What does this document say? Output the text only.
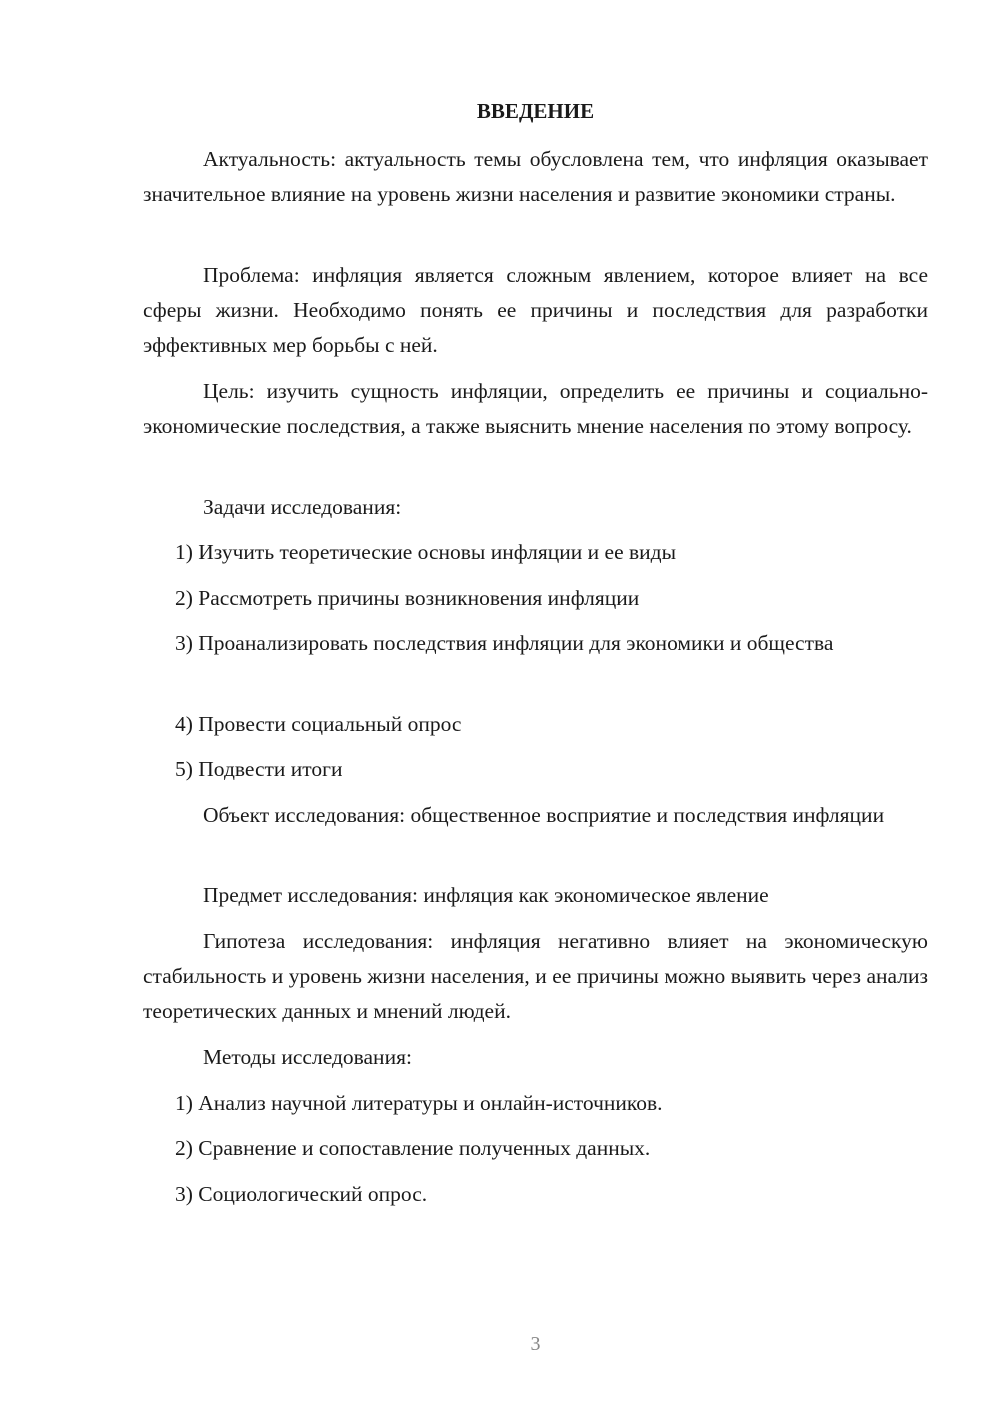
ВВЕДЕНИЕ

Актуальность: актуальность темы обусловлена тем, что инфляция оказывает значительное влияние на уровень жизни населения и развитие экономики страны.

Проблема: инфляция является сложным явлением, которое влияет на все сферы жизни. Необходимо понять ее причины и последствия для разработки эффективных мер борьбы с ней.

Цель: изучить сущность инфляции, определить ее причины и социально-экономические последствия, а также выяснить мнение населения по этому вопросу.

Задачи исследования:

1) Изучить теоретические основы инфляции и ее виды

2) Рассмотреть причины возникновения инфляции

3) Проанализировать последствия инфляции для экономики и общества

4) Провести социальный опрос

5) Подвести итоги

Объект исследования: общественное восприятие и последствия инфляции

Предмет исследования: инфляция как экономическое явление

Гипотеза исследования: инфляция негативно влияет на экономическую стабильность и уровень жизни населения, и ее причины можно выявить через анализ теоретических данных и мнений людей.

Методы исследования:

1) Анализ научной литературы и онлайн-источников.

2) Сравнение и сопоставление полученных данных.

3) Социологический опрос.

3
